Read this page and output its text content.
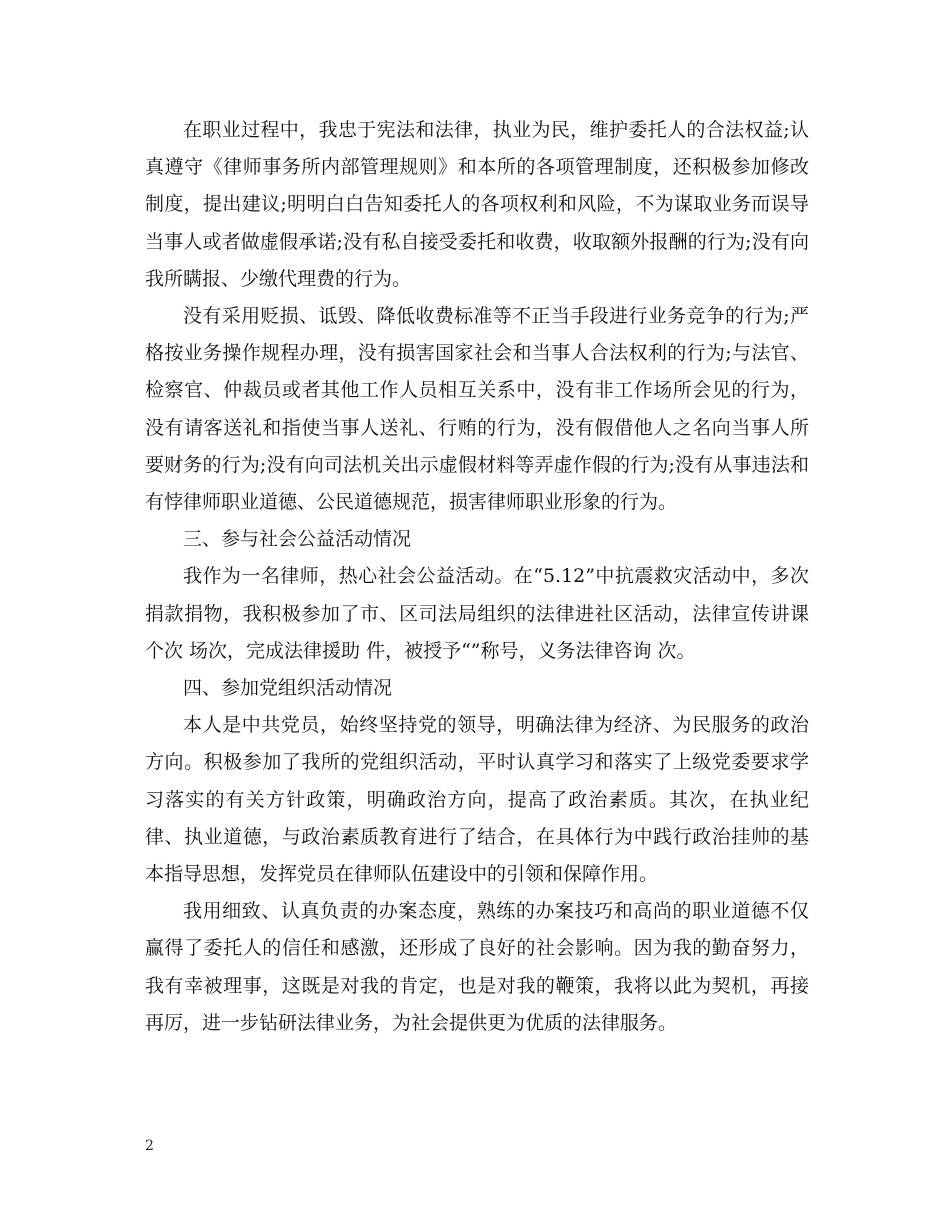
在职业过程中，我忠于宪法和法律，执业为民，维护委托人的合法权益;认真遵守《律师事务所内部管理规则》和本所的各项管理制度，还积极参加修改制度，提出建议;明明白白告知委托人的各项权利和风险，不为谋取业务而误导当事人或者做虚假承诺;没有私自接受委托和收费，收取额外报酬的行为;没有向我所瞒报、少缴代理费的行为。

没有采用贬损、诋毁、降低收费标准等不正当手段进行业务竞争的行为;严格按业务操作规程办理，没有损害国家社会和当事人合法权利的行为;与法官、检察官、仲裁员或者其他工作人员相互关系中，没有非工作场所会见的行为，没有请客送礼和指使当事人送礼、行贿的行为，没有假借他人之名向当事人所要财务的行为;没有向司法机关出示虚假材料等弄虚作假的行为;没有从事违法和有悖律师职业道德、公民道德规范，损害律师职业形象的行为。

三、参与社会公益活动情况

我作为一名律师，热心社会公益活动。在“5.12”中抗震救灾活动中，多次捐款捐物，我积极参加了市、区司法局组织的法律进社区活动，法律宣传讲课个次 场次，完成法律援助 件，被授予“”称号，义务法律咨询 次。

四、参加党组织活动情况

本人是中共党员，始终坚持党的领导，明确法律为经济、为民服务的政治方向。积极参加了我所的党组织活动，平时认真学习和落实了上级党委要求学习落实的有关方针政策，明确政治方向，提高了政治素质。其次，在执业纪律、执业道德，与政治素质教育进行了结合，在具体行为中践行政治挂帅的基本指导思想，发挥党员在律师队伍建设中的引领和保障作用。

我用细致、认真负责的办案态度，熟练的办案技巧和高尚的职业道德不仅赢得了委托人的信任和感激，还形成了良好的社会影响。因为我的勤奋努力，我有幸被理事，这既是对我的肯定，也是对我的鞭策，我将以此为契机，再接再厉，进一步钻研法律业务，为社会提供更为优质的法律服务。

2
